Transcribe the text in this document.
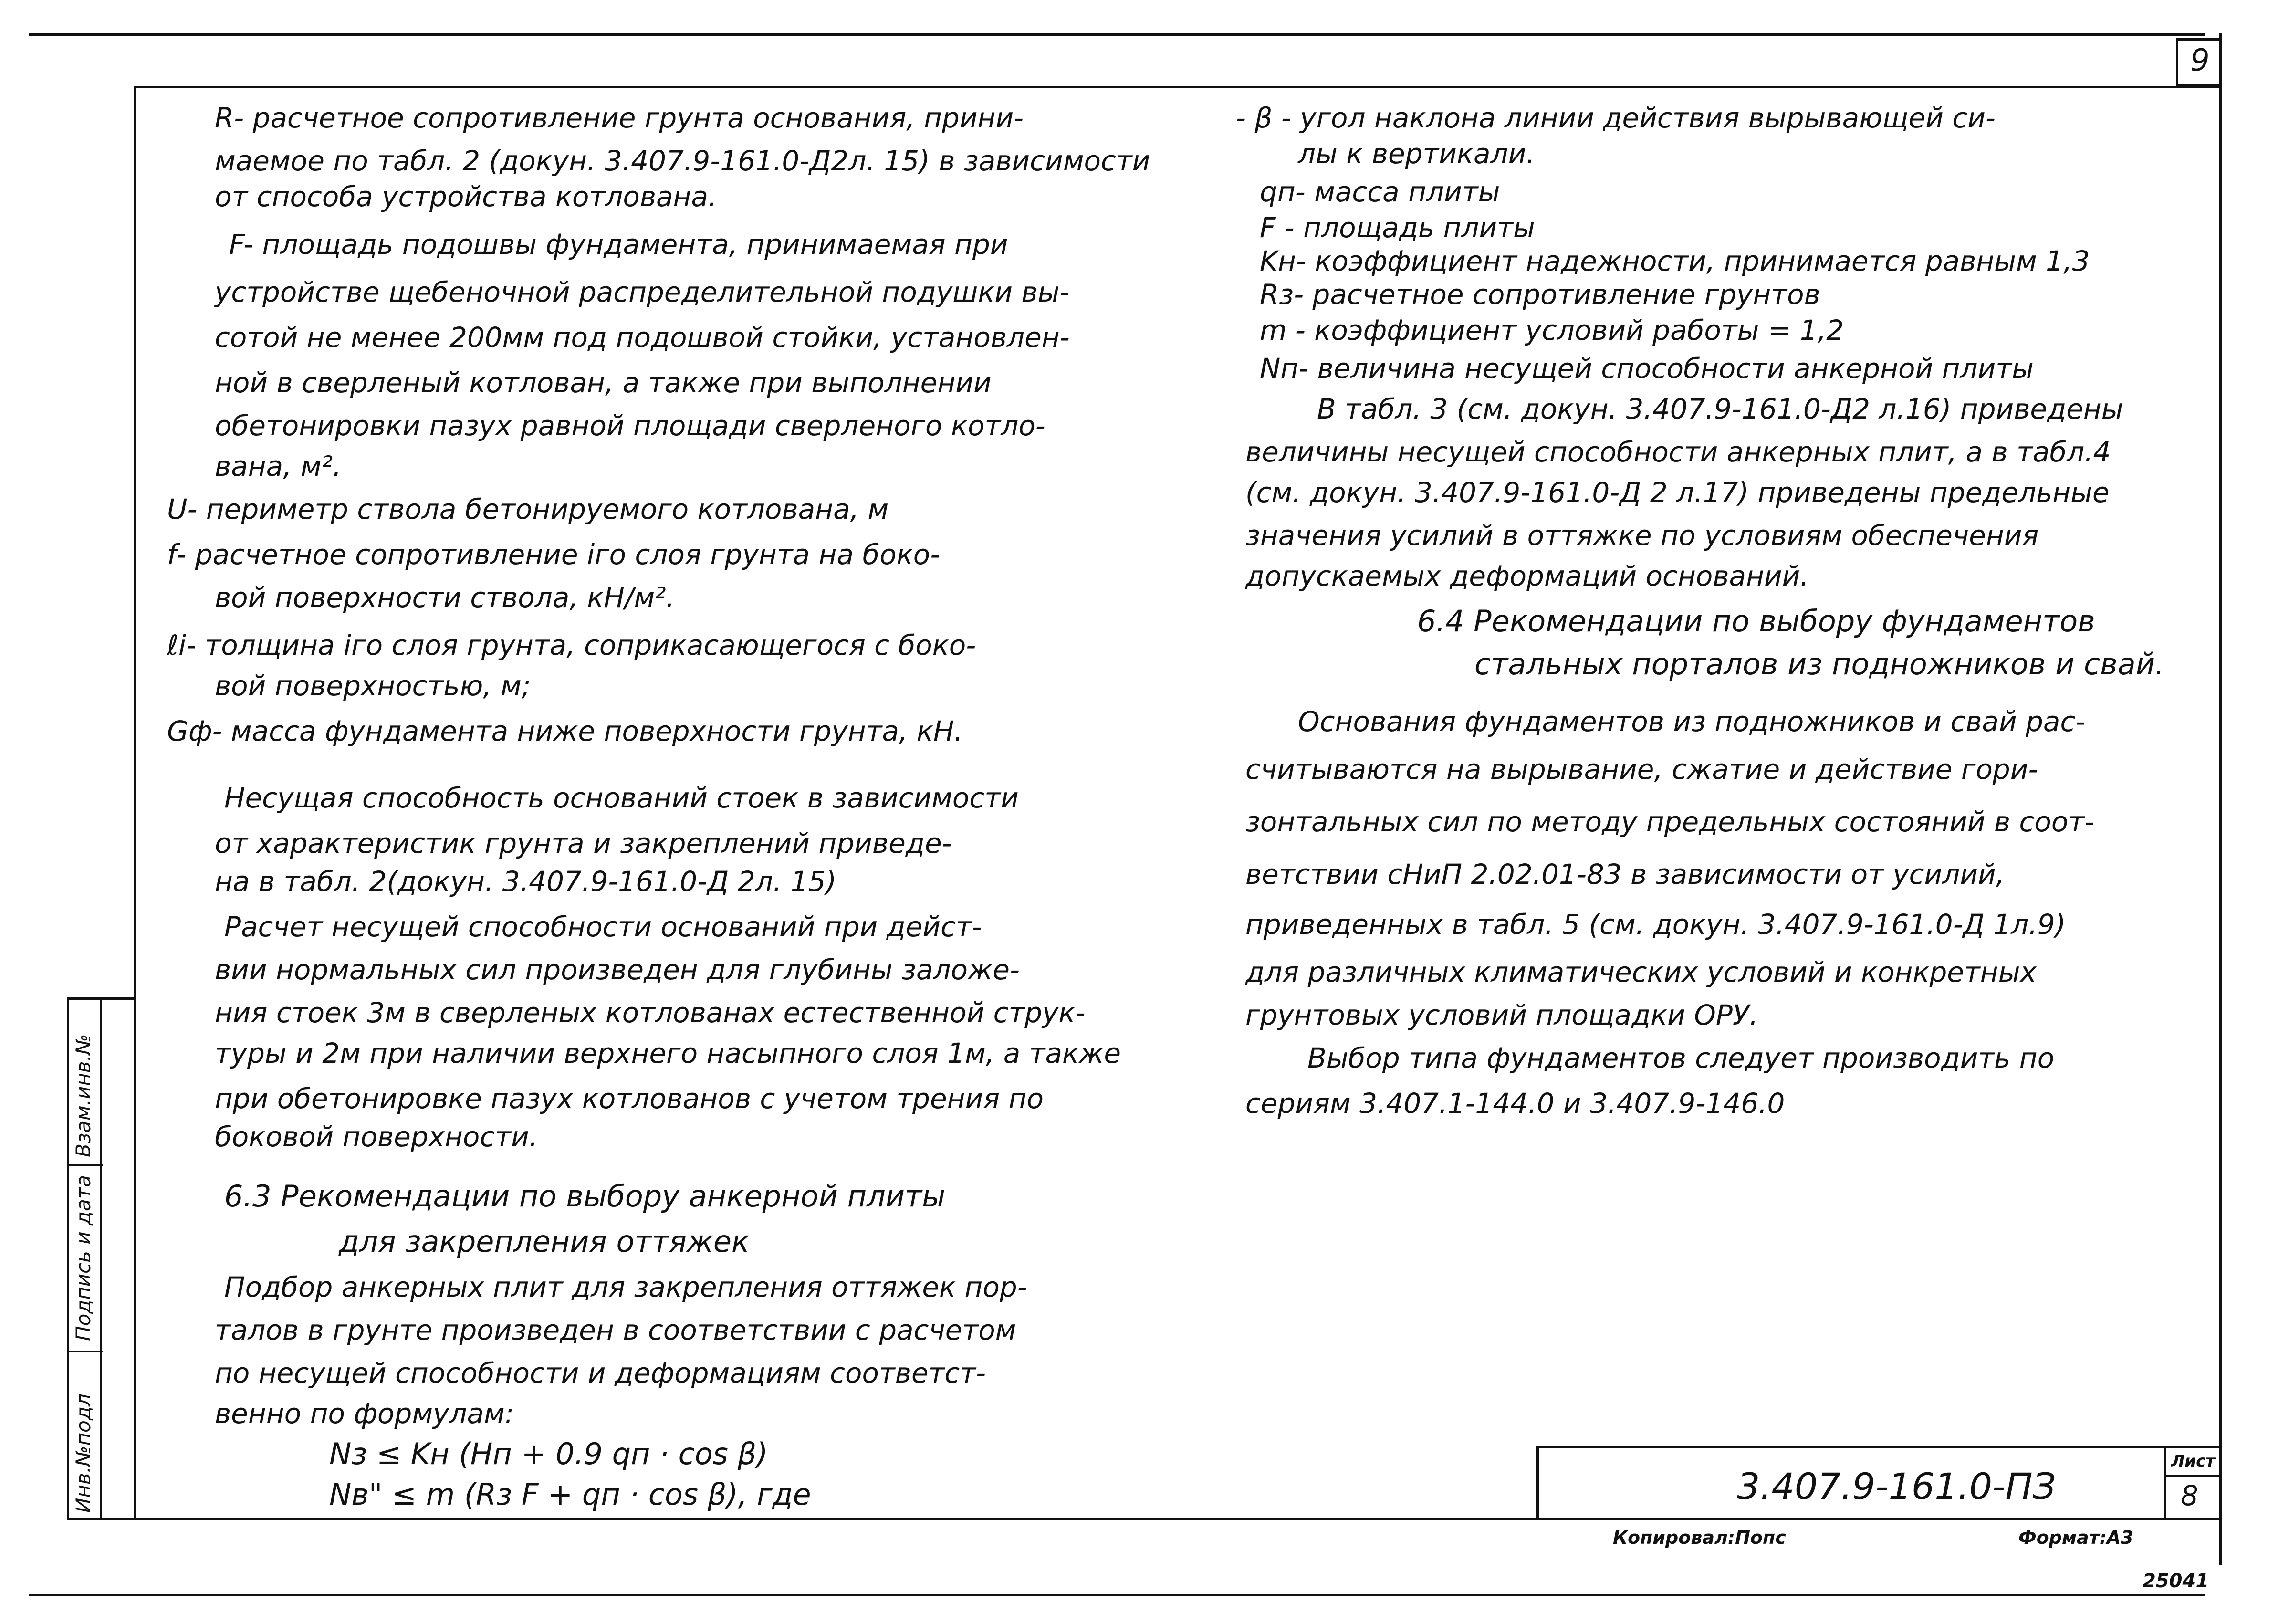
9
Взам.инв.№
Подпись и дата
Инв.№подл
R- расчетное сопротивление грунта основания, прини-
маемое по табл. 2 (докун. 3.407.9-161.0-Д2л. 15) в зависимости
от способа устройства котлована.
F- площадь подошвы фундамента, принимаемая при
устройстве щебеночной распределительной подушки вы-
сотой не менее 200мм под подошвой стойки, установлен-
ной в сверленый котлован, а также при выполнении
обетонировки пазух равной площади сверленого котло-
вана, м².
U- периметр ствола бетонируемого котлована, м
f- расчетное сопротивление iго слоя грунта на боко-
вой поверхности ствола, кН/м².
ℓi- толщина iго слоя грунта, соприкасающегося с боко-
вой поверхностью, м;
Gф- масса фундамента ниже поверхности грунта, кН.
Несущая способность оснований стоек в зависимости
от характеристик грунта и закреплений приведе-
на в табл. 2(докун. 3.407.9-161.0-Д 2л. 15)
Расчет несущей способности оснований при дейст-
вии нормальных сил произведен для глубины заложе-
ния стоек 3м в сверленых котлованах естественной струк-
туры и 2м при наличии верхнего насыпного слоя 1м, а также
при обетонировке пазух котлованов с учетом трения по
боковой поверхности.
6.3 Рекомендации по выбору анкерной плиты
для закрепления оттяжек
Подбор анкерных плит для закрепления оттяжек пор-
талов в грунте произведен в соответствии с расчетом
по несущей способности и деформациям соответст-
венно по формулам:
Nз ≤ Kн (Hп + 0.9 qп · cos β)
Nв" ≤ m (Rз F + qп · cos β), где
- β - угол наклона линии действия вырывающей си-
лы к вертикали.
qп- масса плиты
F - площадь плиты
Kн- коэффициент надежности, принимается равным 1,3
Rз- расчетное сопротивление грунтов
m - коэффициент условий работы = 1,2
Nп- величина несущей способности анкерной плиты
В табл. 3 (см. докун. 3.407.9-161.0-Д2 л.16) приведены
величины несущей способности анкерных плит, а в табл.4
(см. докун. 3.407.9-161.0-Д 2 л.17) приведены предельные
значения усилий в оттяжке по условиям обеспечения
допускаемых деформаций оснований.
6.4 Рекомендации по выбору фундаментов
стальных порталов из подножников и свай.
Основания фундаментов из подножников и свай рас-
считываются на вырывание, сжатие и действие гори-
зонтальных сил по методу предельных состояний в соот-
ветствии сНиП 2.02.01-83 в зависимости от усилий,
приведенных в табл. 5 (см. докун. 3.407.9-161.0-Д 1л.9)
для различных климатических условий и конкретных
грунтовых условий площадки ОРУ.
Выбор типа фундаментов следует производить по
сериям 3.407.1-144.0 и 3.407.9-146.0
3.407.9-161.0-ПЗ
Лист
8
Копировал:Попс	Формат:А3
25041
